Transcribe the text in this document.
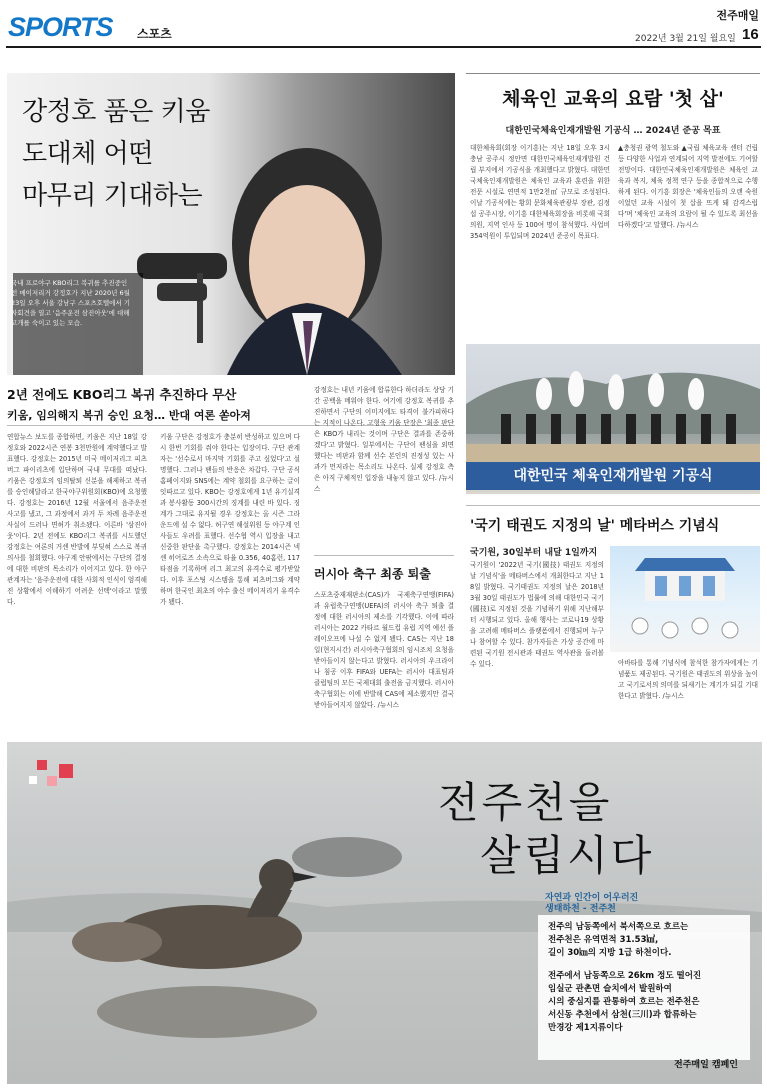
SPORTS 스포츠
전주매일
2022년 3월 21일 월요일 16
강정호 품은 키움
도대체 어떤
마무리 기대하는
국내 프로야구 KBO리그 복귀를 추진중인 전 메이저리거 강정호가 지난 2020년 6월 23일 오후 서울 강남구 스포츠호텔에서 기자회견을 열고 '음주운전 삼진아웃'에 대해 고개를 숙이고 있는 모습.
2년 전에도 KBO리그 복귀 추진하다 무산
키움, 임의해지 복귀 승인 요청… 반대 여론 쏟아져
연합뉴스 보도를 종합하면, 키움은 지난 18일 강정호와 2022시즌 연봉 3천만원에 계약했다고 발표했다. 강정호는 2015년 미국 메이저리그 피츠버그 파이리츠에 입단하며 국내 무대를 떠났다. 키움은 강정호의 임의탈퇴 신분을 해제하고 복귀를 승인해달라고 한국야구위원회(KBO)에 요청했다. 강정호는 2016년 12월 서울에서 음주운전 사고를 냈고, 그 과정에서 과거 두 차례 음주운전 사실이 드러나 면허가 취소됐다. 이른바 '삼진아웃'이다. 2년 전에도 KBO리그 복귀를 시도했던 강정호는 여론의 거센 반발에 부딪혀 스스로 복귀 의사를 철회했다. 야구계 안팎에서는 구단의 결정에 대한 비판의 목소리가 이어지고 있다. 한 야구 관계자는 '음주운전에 대한 사회적 인식이 엄격해진 상황에서 이해하기 어려운 선택'이라고 말했다.
키움 구단은 강정호가 충분히 반성하고 있으며 다시 한번 기회를 줘야 한다는 입장이다. 구단 관계자는 '선수로서 마지막 기회를 주고 싶었다'고 설명했다. 그러나 팬들의 반응은 차갑다. 구단 공식 홈페이지와 SNS에는 계약 철회를 요구하는 글이 잇따르고 있다. KBO는 강정호에게 1년 유기실격과 봉사활동 300시간의 징계를 내린 바 있다. 징계가 그대로 유지될 경우 강정호는 올 시즌 그라운드에 설 수 없다. 허구연 해설위원 등 야구계 인사들도 우려를 표했다. 선수협 역시 입장을 내고 신중한 판단을 촉구했다. 강정호는 2014시즌 넥센 히어로즈 소속으로 타율 0.356, 40홈런, 117타점을 기록하며 리그 최고의 유격수로 평가받았다. 이후 포스팅 시스템을 통해 피츠버그와 계약하며 한국인 최초의 야수 출신 메이저리거 유격수가 됐다.
강정호는 내년 키움에 합류한다 하더라도 상당 기간 공백을 메워야 한다. 여기에 강정호 복귀를 추진하면서 구단의 이미지에도 타격이 불가피하다는 지적이 나온다. 고형욱 키움 단장은 '최종 판단은 KBO가 내리는 것이며 구단은 결과를 존중하겠다'고 밝혔다. 일부에서는 구단이 팬심을 외면했다는 비판과 함께 선수 본인의 진정성 있는 사과가 먼저라는 목소리도 나온다. 실제 강정호 측은 아직 구체적인 입장을 내놓지 않고 있다. /뉴시스
러시아 축구 최종 퇴출
스포츠중재재판소(CAS)가 국제축구연맹(FIFA)과 유럽축구연맹(UEFA)의 러시아 축구 퇴출 결정에 대한 러시아의 제소를 기각했다. 이에 따라 러시아는 2022 카타르 월드컵 유럽 지역 예선 플레이오프에 나설 수 없게 됐다. CAS는 지난 18일(현지시간) 러시아축구협회의 임시조치 요청을 받아들이지 않는다고 밝혔다. 러시아의 우크라이나 침공 이후 FIFA와 UEFA는 러시아 대표팀과 클럽팀의 모든 국제대회 출전을 금지했다. 러시아 축구협회는 이에 반발해 CAS에 제소했지만 결국 받아들여지지 않았다. /뉴시스
체육인 교육의 요람 '첫 삽'
대한민국체육인재개발원 기공식 … 2024년 준공 목표
대한체육회(회장 이기흥)는 지난 18일 오후 3시 충남 공주시 정안면 대한민국체육인재개발원 건립 부지에서 기공식을 개최했다고 밝혔다. 대한민국체육인재개발원은 체육인 교육과 훈련을 위한 전문 시설로 연면적 1만2천㎡ 규모로 조성된다. 이날 기공식에는 황희 문화체육관광부 장관, 김정섭 공주시장, 이기흥 대한체육회장을 비롯해 국회의원, 지역 인사 등 100여 명이 참석했다. 사업비 354억원이 투입되며 2024년 준공이 목표다.
▲충청권 광역 철도와 ▲국립 체육교육 센터 건립 등 다양한 사업과 연계되어 지역 발전에도 기여할 전망이다. 대한민국체육인재개발원은 체육인 교육과 복지, 체육 정책 연구 등을 종합적으로 수행하게 된다. 이기흥 회장은 '체육인들의 오랜 숙원이었던 교육 시설이 첫 삽을 뜨게 돼 감격스럽다'며 '체육인 교육의 요람이 될 수 있도록 최선을 다하겠다'고 말했다. /뉴시스
대한민국 체육인재개발원 기공식
'국기 태권도 지정의 날' 메타버스 기념식
국기원, 30일부터 내달 1일까지
국기원이 '2022년 국기(國技) 태권도 지정의 날 기념식'을 메타버스에서 개최한다고 지난 18일 밝혔다. 국기태권도 지정의 날은 2018년 3월 30일 태권도가 법률에 의해 대한민국 국기(國技)로 지정된 것을 기념하기 위해 지난해부터 시행되고 있다. 올해 행사는 코로나19 상황을 고려해 메타버스 플랫폼에서 진행되며 누구나 참여할 수 있다. 참가자들은 가상 공간에 마련된 국기원 전시관과 태권도 역사관을 둘러볼 수 있다.	아바타를 통해 기념식에 참석한 참가자에게는 기념품도 제공된다. 국기원은 태권도의 위상을 높이고 국기로서의 의미를 되새기는 계기가 되길 기대한다고 밝혔다. /뉴시스
전주천을
살립시다
자연과 인간이 어우러진
생태하천 - 전주천
전주의 남동쪽에서 북서쪽으로 흐르는
전주천은 유역면적 31.53㎢,
길이 30㎞의 지방 1급 하천이다.
전주에서 남동쪽으로 26km 정도 떨어진
임실군 관촌면 슬치에서 발원하여
시의 중심지를 관통하여 흐르는 전주천은
서신동 추천에서 삼천(三川)과 합류하는
만경강 제1지류이다
전주매일 캠페인
